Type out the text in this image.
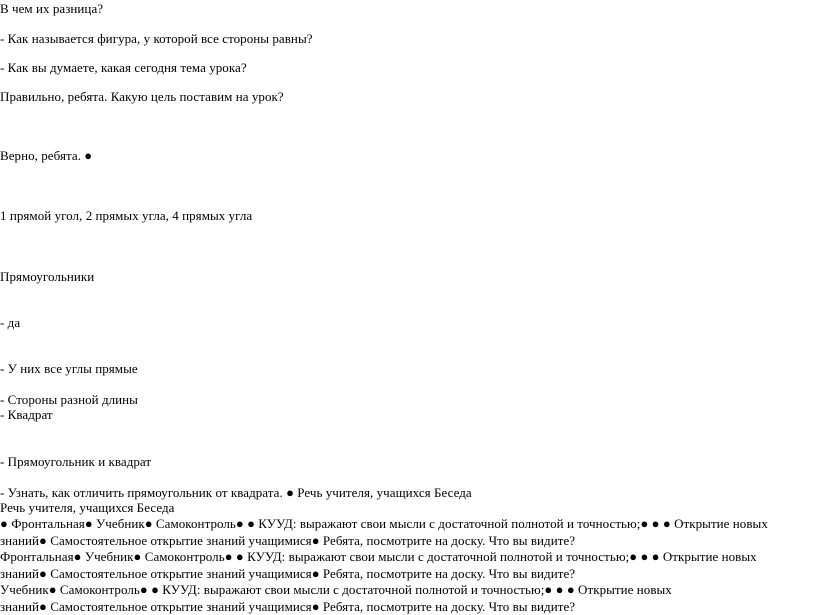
В чем их разница?
- Как называется фигура, у которой все стороны равны?
- Как вы думаете, какая сегодня тема урока?
Правильно, ребята. Какую цель поставим на урок?
Верно, ребята. ●
1 прямой угол, 2 прямых угла, 4 прямых угла
Прямоугольники
- да
- У них все углы прямые
- Стороны разной длины
- Квадрат
- Прямоугольник и квадрат
- Узнать, как отличить прямоугольник от квадрата. ● Речь учителя, учащихся Беседа
Речь учителя, учащихся Беседа
● Фронтальная● Учебник● Самоконтроль● ● КУУД: выражают свои мысли с достаточной полнотой и точностью;● ● ● Открытие новых
знаний● Самостоятельное открытие знаний учащимися● Ребята, посмотрите на доску. Что вы видите?
Фронтальная● Учебник● Самоконтроль● ● КУУД: выражают свои мысли с достаточной полнотой и точностью;● ● ● Открытие новых
знаний● Самостоятельное открытие знаний учащимися● Ребята, посмотрите на доску. Что вы видите?
Учебник● Самоконтроль● ● КУУД: выражают свои мысли с достаточной полнотой и точностью;● ● ● Открытие новых
знаний● Самостоятельное открытие знаний учащимися● Ребята, посмотрите на доску. Что вы видите?
